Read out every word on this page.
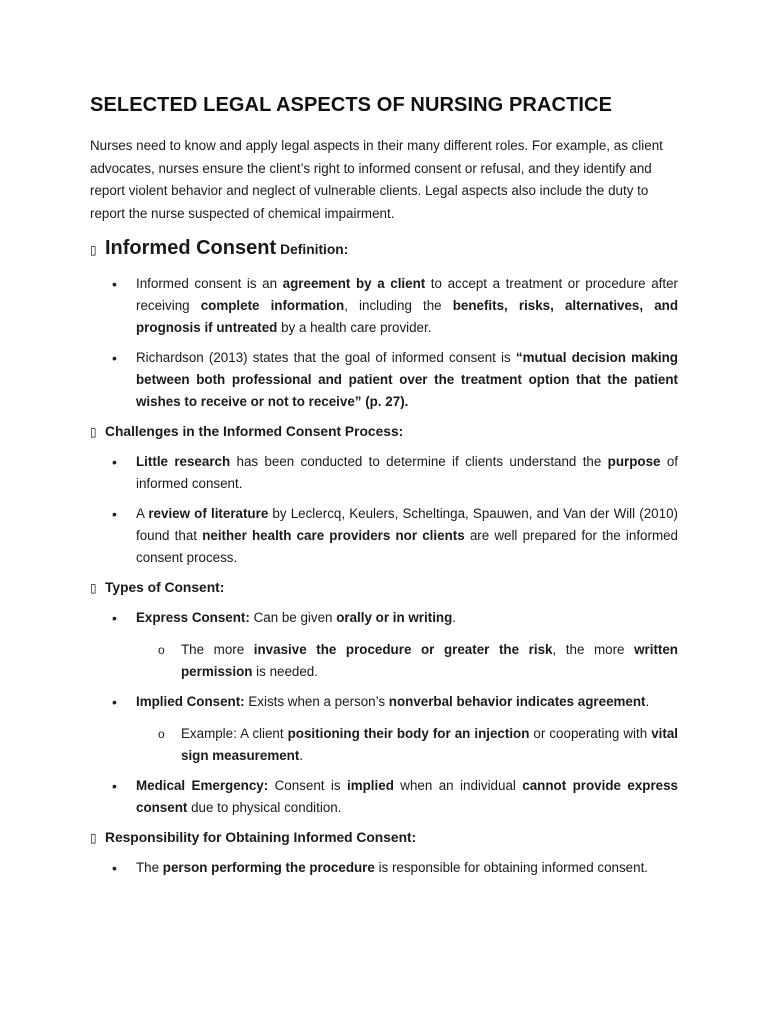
SELECTED LEGAL ASPECTS OF NURSING PRACTICE

Nurses need to know and apply legal aspects in their many different roles. For example, as client advocates, nurses ensure the client’s right to informed consent or refusal, and they identify and report violent behavior and neglect of vulnerable clients. Legal aspects also include the duty to report the nurse suspected of chemical impairment.

▯ Informed Consent Definition:
• Informed consent is an agreement by a client to accept a treatment or procedure after receiving complete information, including the benefits, risks, alternatives, and prognosis if untreated by a health care provider.
• Richardson (2013) states that the goal of informed consent is “mutual decision making between both professional and patient over the treatment option that the patient wishes to receive or not to receive” (p. 27).
▯ Challenges in the Informed Consent Process:
• Little research has been conducted to determine if clients understand the purpose of informed consent.
• A review of literature by Leclercq, Keulers, Scheltinga, Spauwen, and Van der Will (2010) found that neither health care providers nor clients are well prepared for the informed consent process.
▯ Types of Consent:
• Express Consent: Can be given orally or in writing.
o The more invasive the procedure or greater the risk, the more written permission is needed.
• Implied Consent: Exists when a person’s nonverbal behavior indicates agreement.
o Example: A client positioning their body for an injection or cooperating with vital sign measurement.
• Medical Emergency: Consent is implied when an individual cannot provide express consent due to physical condition.
▯ Responsibility for Obtaining Informed Consent:
• The person performing the procedure is responsible for obtaining informed consent.
